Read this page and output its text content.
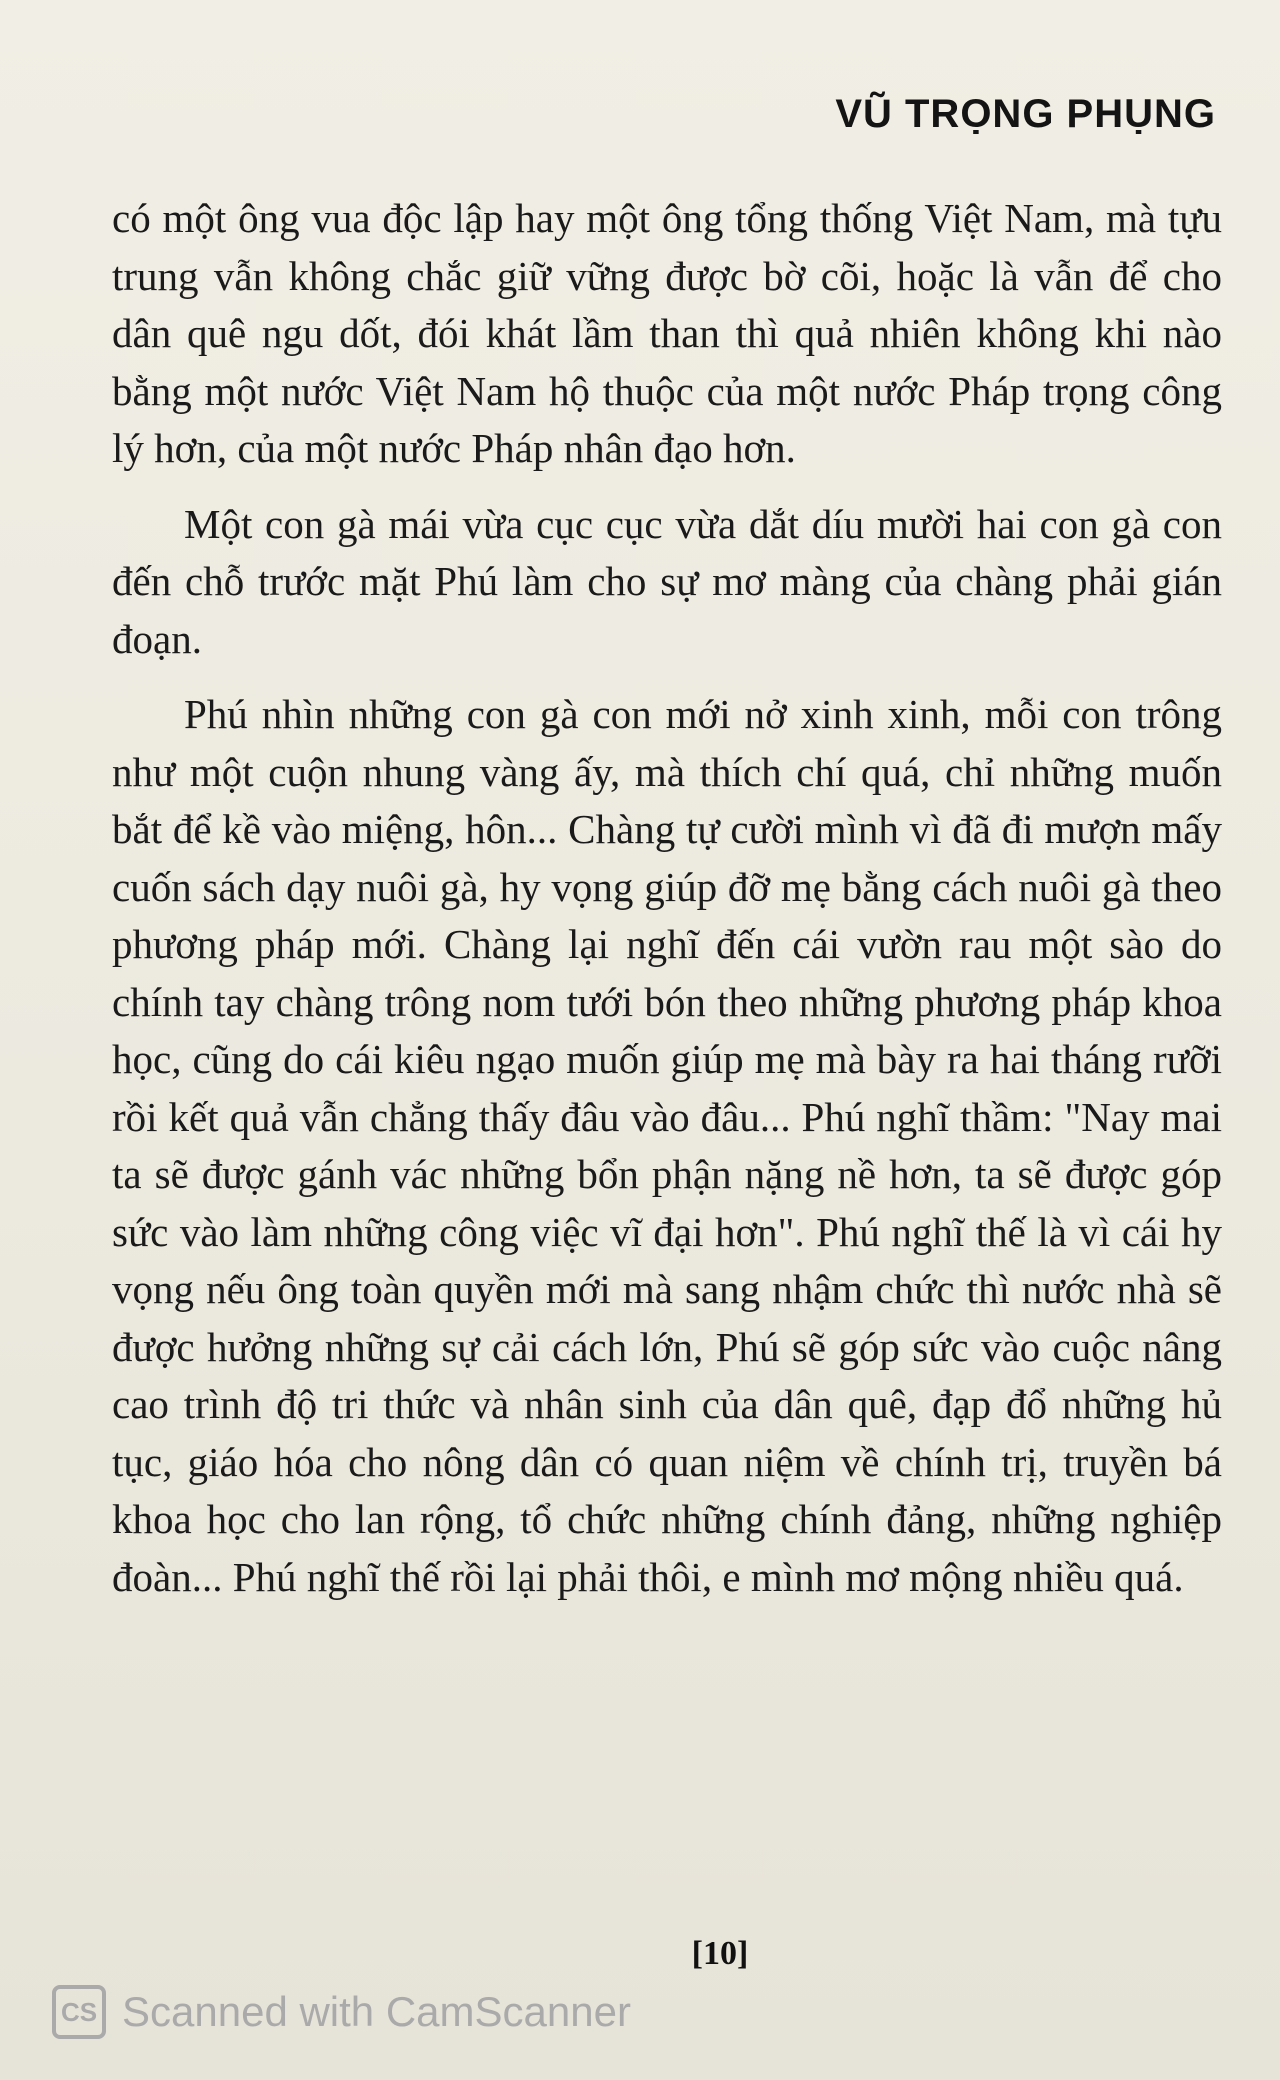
VŨ TRỌNG PHỤNG

có một ông vua độc lập hay một ông tổng thống Việt Nam, mà tựu trung vẫn không chắc giữ vững được bờ cõi, hoặc là vẫn để cho dân quê ngu dốt, đói khát lầm than thì quả nhiên không khi nào bằng một nước Việt Nam hộ thuộc của một nước Pháp trọng công lý hơn, của một nước Pháp nhân đạo hơn.

Một con gà mái vừa cục cục vừa dắt díu mười hai con gà con đến chỗ trước mặt Phú làm cho sự mơ màng của chàng phải gián đoạn.

Phú nhìn những con gà con mới nở xinh xinh, mỗi con trông như một cuộn nhung vàng ấy, mà thích chí quá, chỉ những muốn bắt để kề vào miệng, hôn... Chàng tự cười mình vì đã đi mượn mấy cuốn sách dạy nuôi gà, hy vọng giúp đỡ mẹ bằng cách nuôi gà theo phương pháp mới. Chàng lại nghĩ đến cái vườn rau một sào do chính tay chàng trông nom tưới bón theo những phương pháp khoa học, cũng do cái kiêu ngạo muốn giúp mẹ mà bày ra hai tháng rưỡi rồi kết quả vẫn chẳng thấy đâu vào đâu... Phú nghĩ thầm: "Nay mai ta sẽ được gánh vác những bổn phận nặng nề hơn, ta sẽ được góp sức vào làm những công việc vĩ đại hơn". Phú nghĩ thế là vì cái hy vọng nếu ông toàn quyền mới mà sang nhậm chức thì nước nhà sẽ được hưởng những sự cải cách lớn, Phú sẽ góp sức vào cuộc nâng cao trình độ tri thức và nhân sinh của dân quê, đạp đổ những hủ tục, giáo hóa cho nông dân có quan niệm về chính trị, truyền bá khoa học cho lan rộng, tổ chức những chính đảng, những nghiệp đoàn... Phú nghĩ thế rồi lại phải thôi, e mình mơ mộng nhiều quá.

[10]
CS Scanned with CamScanner
